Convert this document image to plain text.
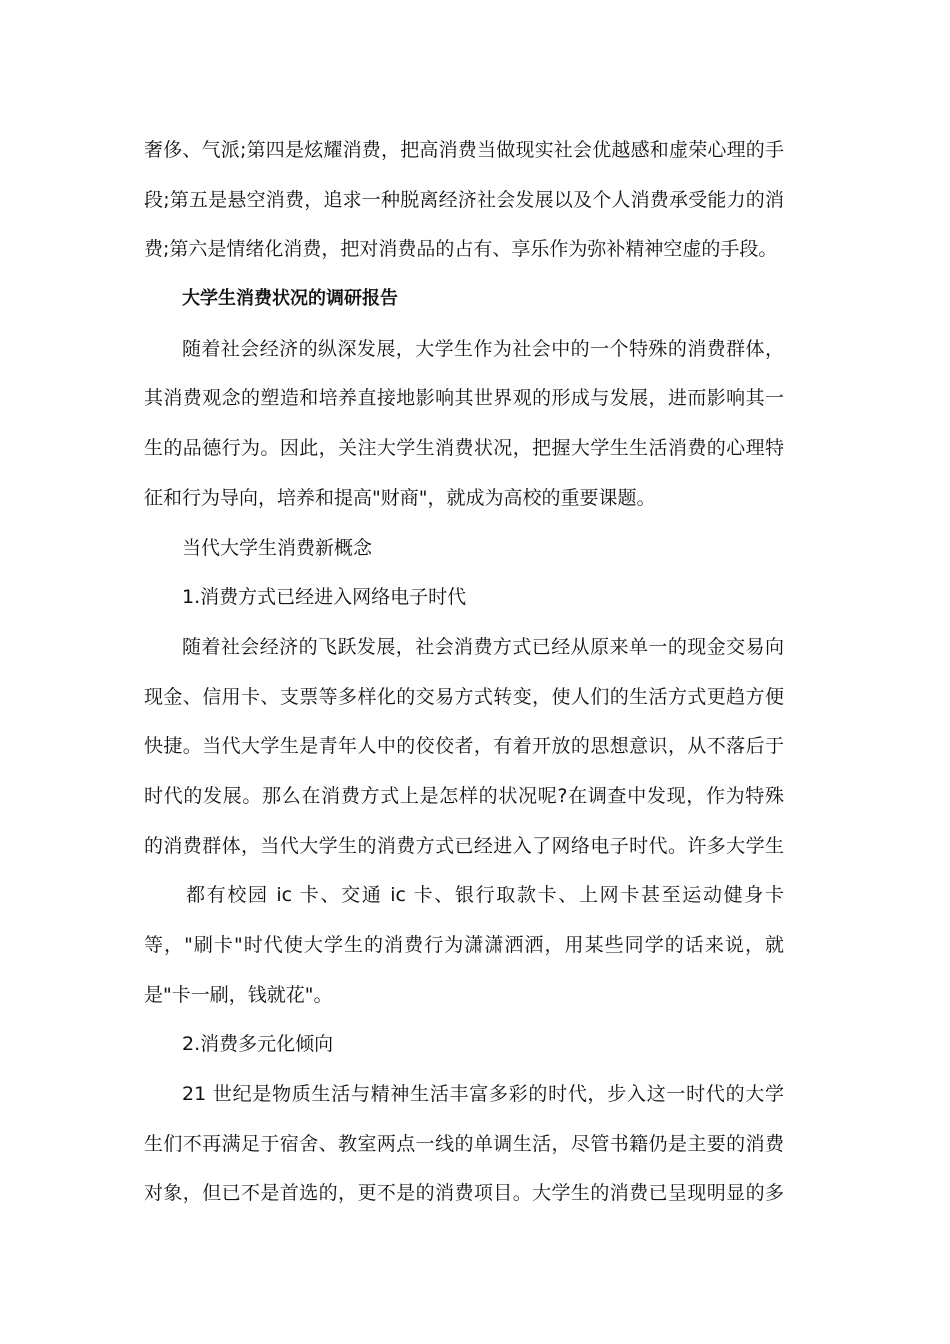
奢侈、气派;第四是炫耀消费，把高消费当做现实社会优越感和虚荣心理的手
段;第五是悬空消费，追求一种脱离经济社会发展以及个人消费承受能力的消
费;第六是情绪化消费，把对消费品的占有、享乐作为弥补精神空虚的手段。
大学生消费状况的调研报告
随着社会经济的纵深发展，大学生作为社会中的一个特殊的消费群体，
其消费观念的塑造和培养直接地影响其世界观的形成与发展，进而影响其一
生的品德行为。因此，关注大学生消费状况，把握大学生生活消费的心理特
征和行为导向，培养和提高"财商"，就成为高校的重要课题。
当代大学生消费新概念
1.消费方式已经进入网络电子时代
随着社会经济的飞跃发展，社会消费方式已经从原来单一的现金交易向
现金、信用卡、支票等多样化的交易方式转变，使人们的生活方式更趋方便
快捷。当代大学生是青年人中的佼佼者，有着开放的思想意识，从不落后于
时代的发展。那么在消费方式上是怎样的状况呢?在调查中发现，作为特殊
的消费群体，当代大学生的消费方式已经进入了网络电子时代。许多大学生
都有校园 ic 卡、交通 ic 卡、银行取款卡、上网卡甚至运动健身卡
等，"刷卡"时代使大学生的消费行为潇潇洒洒，用某些同学的话来说，就
是"卡一刷，钱就花"。
2.消费多元化倾向
21 世纪是物质生活与精神生活丰富多彩的时代，步入这一时代的大学
生们不再满足于宿舍、教室两点一线的单调生活，尽管书籍仍是主要的消费
对象，但已不是首选的，更不是的消费项目。大学生的消费已呈现明显的多
